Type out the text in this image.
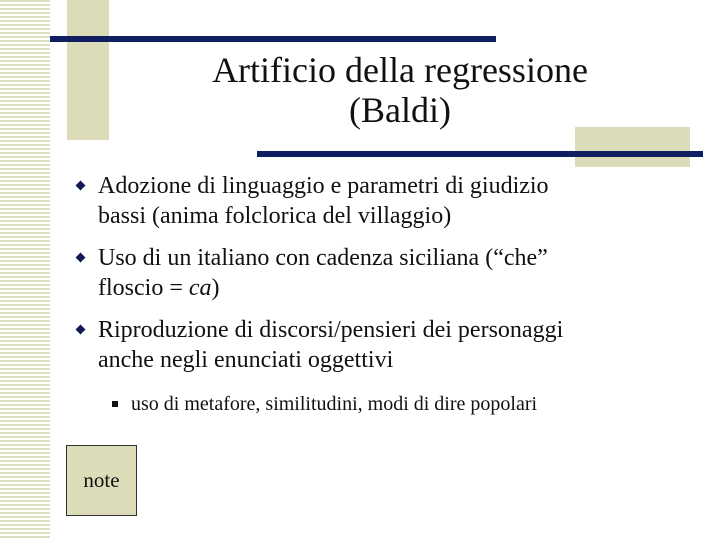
Artificio della regressione
(Baldi)
Adozione di linguaggio e parametri di giudizio
bassi (anima folclorica del villaggio)
Uso di un italiano con cadenza siciliana (“che”
floscio = ca)
Riproduzione di discorsi/pensieri dei personaggi
anche negli enunciati oggettivi
uso di metafore, similitudini, modi di dire popolari
note
